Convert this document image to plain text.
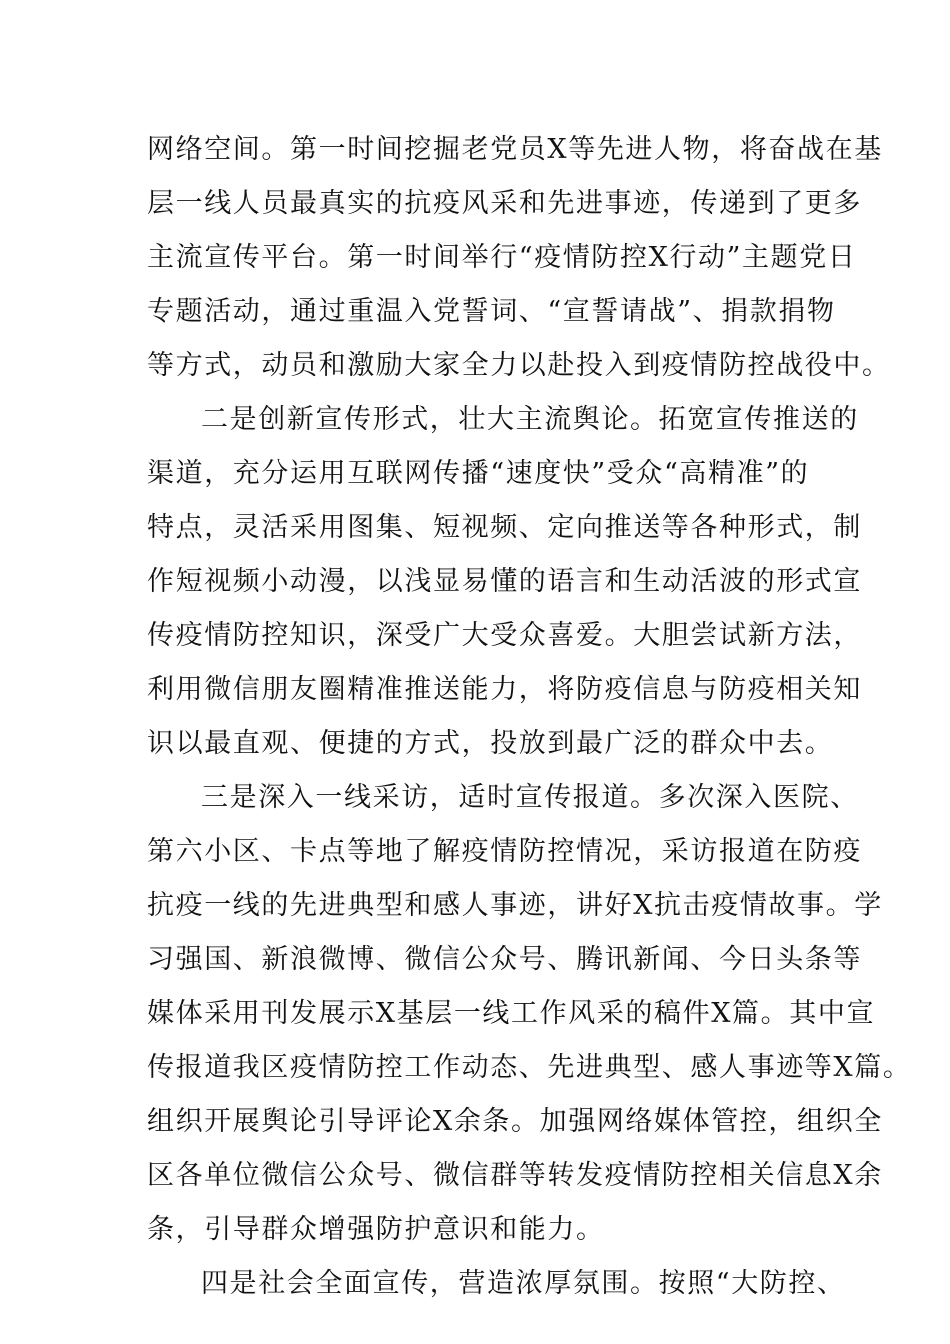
网络空间。第一时间挖掘老党员X等先进人物，将奋战在基
层一线人员最真实的抗疫风采和先进事迹，传递到了更多
主流宣传平台。第一时间举行“疫情防控X行动”主题党日
专题活动，通过重温入党誓词、“宣誓请战”、捐款捐物
等方式，动员和激励大家全力以赴投入到疫情防控战役中。
二是创新宣传形式，壮大主流舆论。拓宽宣传推送的
渠道，充分运用互联网传播“速度快”受众“高精准”的
特点，灵活采用图集、短视频、定向推送等各种形式，制
作短视频小动漫，以浅显易懂的语言和生动活波的形式宣
传疫情防控知识，深受广大受众喜爱。大胆尝试新方法，
利用微信朋友圈精准推送能力，将防疫信息与防疫相关知
识以最直观、便捷的方式，投放到最广泛的群众中去。
三是深入一线采访，适时宣传报道。多次深入医院、
第六小区、卡点等地了解疫情防控情况，采访报道在防疫
抗疫一线的先进典型和感人事迹，讲好X抗击疫情故事。学
习强国、新浪微博、微信公众号、腾讯新闻、今日头条等
媒体采用刊发展示X基层一线工作风采的稿件X篇。其中宣
传报道我区疫情防控工作动态、先进典型、感人事迹等X篇。
组织开展舆论引导评论X余条。加强网络媒体管控，组织全
区各单位微信公众号、微信群等转发疫情防控相关信息X余
条，引导群众增强防护意识和能力。
四是社会全面宣传，营造浓厚氛围。按照“大防控、
